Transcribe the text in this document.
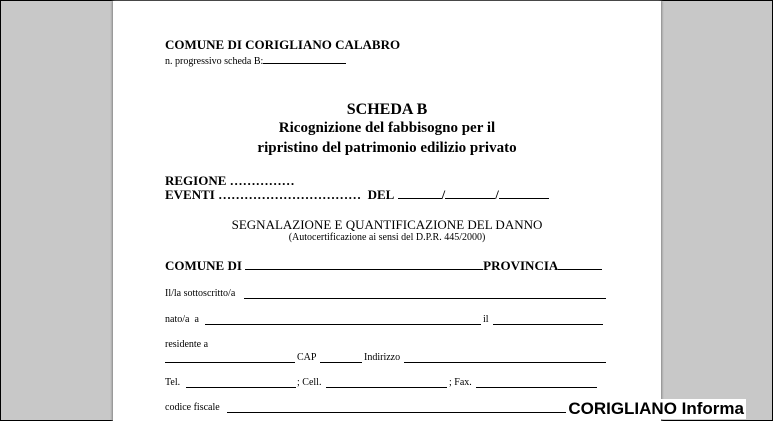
COMUNE DI CORIGLIANO CALABRO
n. progressivo scheda B:
SCHEDA B
Ricognizione del fabbisogno per il
ripristino del patrimonio edilizio privato
REGIONE ……………
EVENTI …………………………… DEL	/	/
SEGNALAZIONE E QUANTIFICAZIONE DEL DANNO
(Autocertificazione ai sensi del D.P.R. 445/2000)
COMUNE DI	PROVINCIA
Il/la sottoscritto/a
nato/a a	il
residente a
CAP	Indirizzo
Tel.	; Cell.	; Fax.
codice fiscale	CORIGLIANO Informa
